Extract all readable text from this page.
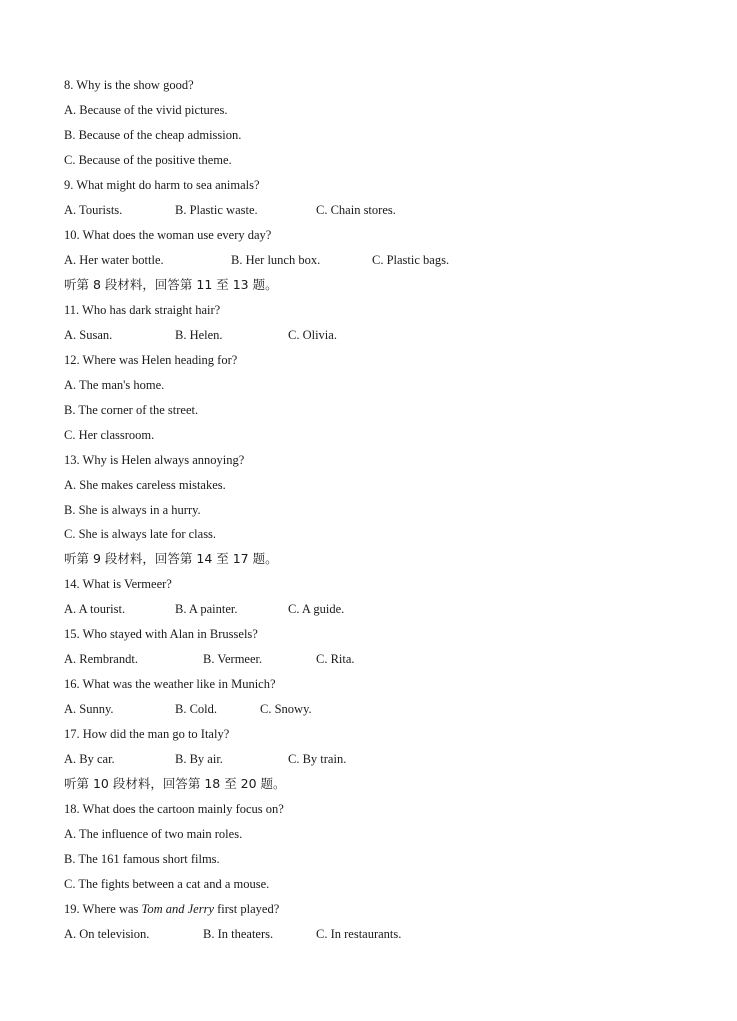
8. Why is the show good?
A. Because of the vivid pictures.
B. Because of the cheap admission.
C. Because of the positive theme.
9. What might do harm to sea animals?
A. Tourists.	B. Plastic waste.	C. Chain stores.
10. What does the woman use every day?
A. Her water bottle.	B. Her lunch box.	C. Plastic bags.
听第 8 段材料，回答第 11 至 13 题。
11. Who has dark straight hair?
A. Susan.	B. Helen.	C. Olivia.
12. Where was Helen heading for?
A. The man's home.
B. The corner of the street.
C. Her classroom.
13. Why is Helen always annoying?
A. She makes careless mistakes.
B. She is always in a hurry.
C. She is always late for class.
听第 9 段材料，回答第 14 至 17 题。
14. What is Vermeer?
A. A tourist.	B. A painter.	C. A guide.
15. Who stayed with Alan in Brussels?
A. Rembrandt.	B. Vermeer.	C. Rita.
16. What was the weather like in Munich?
A. Sunny.	B. Cold.	C. Snowy.
17. How did the man go to Italy?
A. By car.	B. By air.	C. By train.
听第 10 段材料，回答第 18 至 20 题。
18. What does the cartoon mainly focus on?
A. The influence of two main roles.
B. The 161 famous short films.
C. The fights between a cat and a mouse.
19. Where was Tom and Jerry first played?
A. On television.	B. In theaters.	C. In restaurants.
